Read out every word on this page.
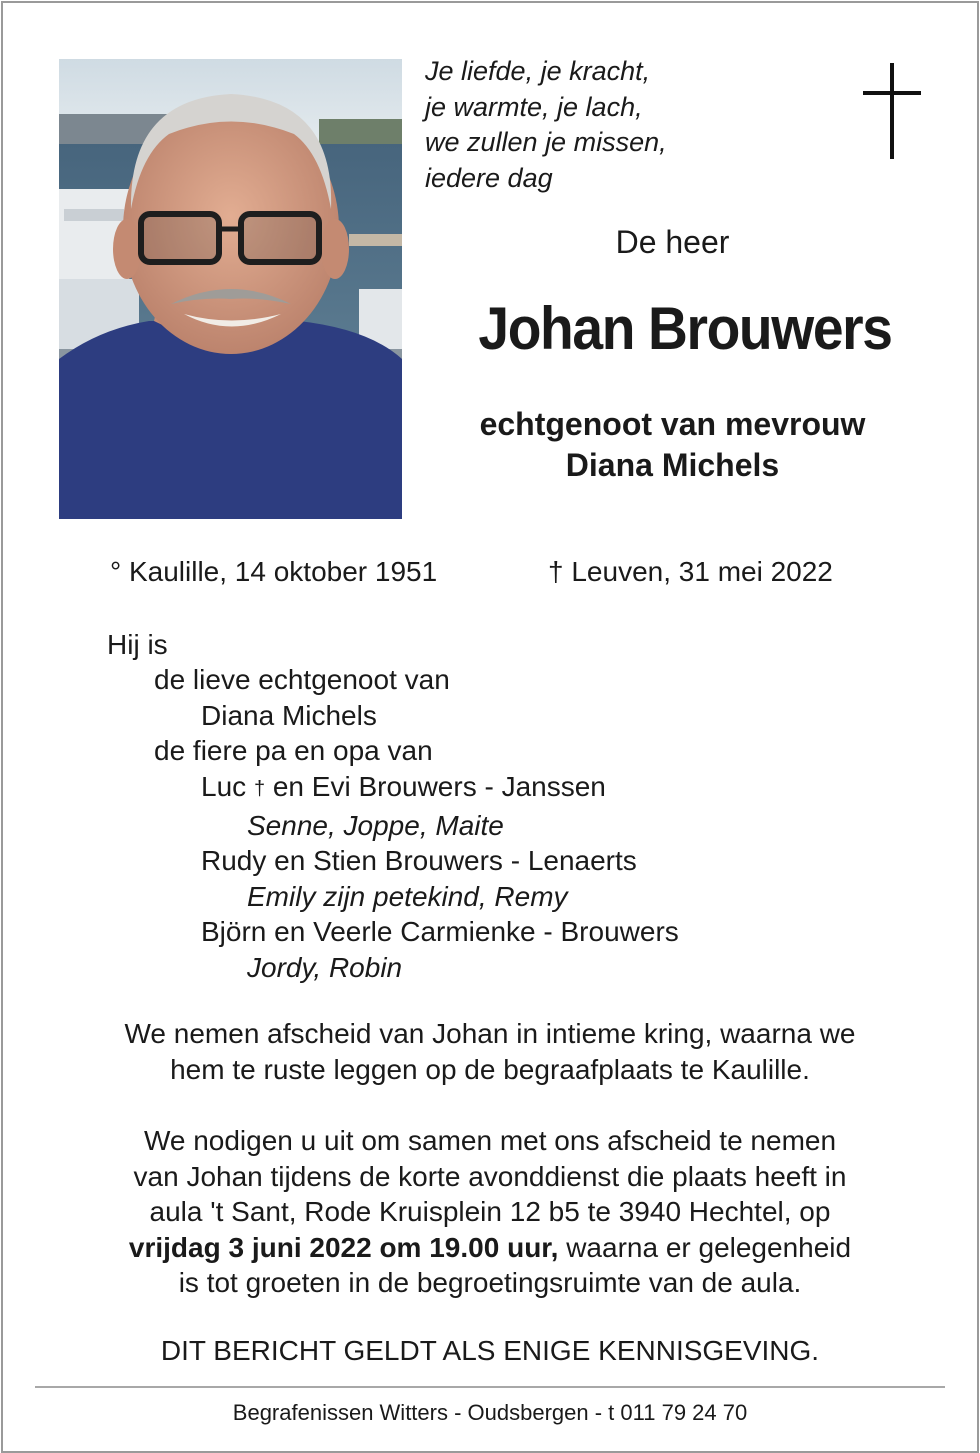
Je liefde, je kracht,
je warmte, je lach,
we zullen je missen,
iedere dag
De heer
Johan Brouwers
echtgenoot van mevrouw
Diana Michels
° Kaulille, 14 oktober 1951	† Leuven, 31 mei 2022
Hij is
de lieve echtgenoot van
Diana Michels
de fiere pa en opa van
Luc † en Evi Brouwers - Janssen
Senne, Joppe, Maite
Rudy en Stien Brouwers - Lenaerts
Emily zijn petekind, Remy
Björn en Veerle Carmienke - Brouwers
Jordy, Robin
We nemen afscheid van Johan in intieme kring, waarna we
hem te ruste leggen op de begraafplaats te Kaulille.
We nodigen u uit om samen met ons afscheid te nemen
van Johan tijdens de korte avonddienst die plaats heeft in
aula 't Sant, Rode Kruisplein 12 b5 te 3940 Hechtel, op
vrijdag 3 juni 2022 om 19.00 uur, waarna er gelegenheid
is tot groeten in de begroetingsruimte van de aula.
DIT BERICHT GELDT ALS ENIGE KENNISGEVING.
Begrafenissen Witters - Oudsbergen - t 011 79 24 70
